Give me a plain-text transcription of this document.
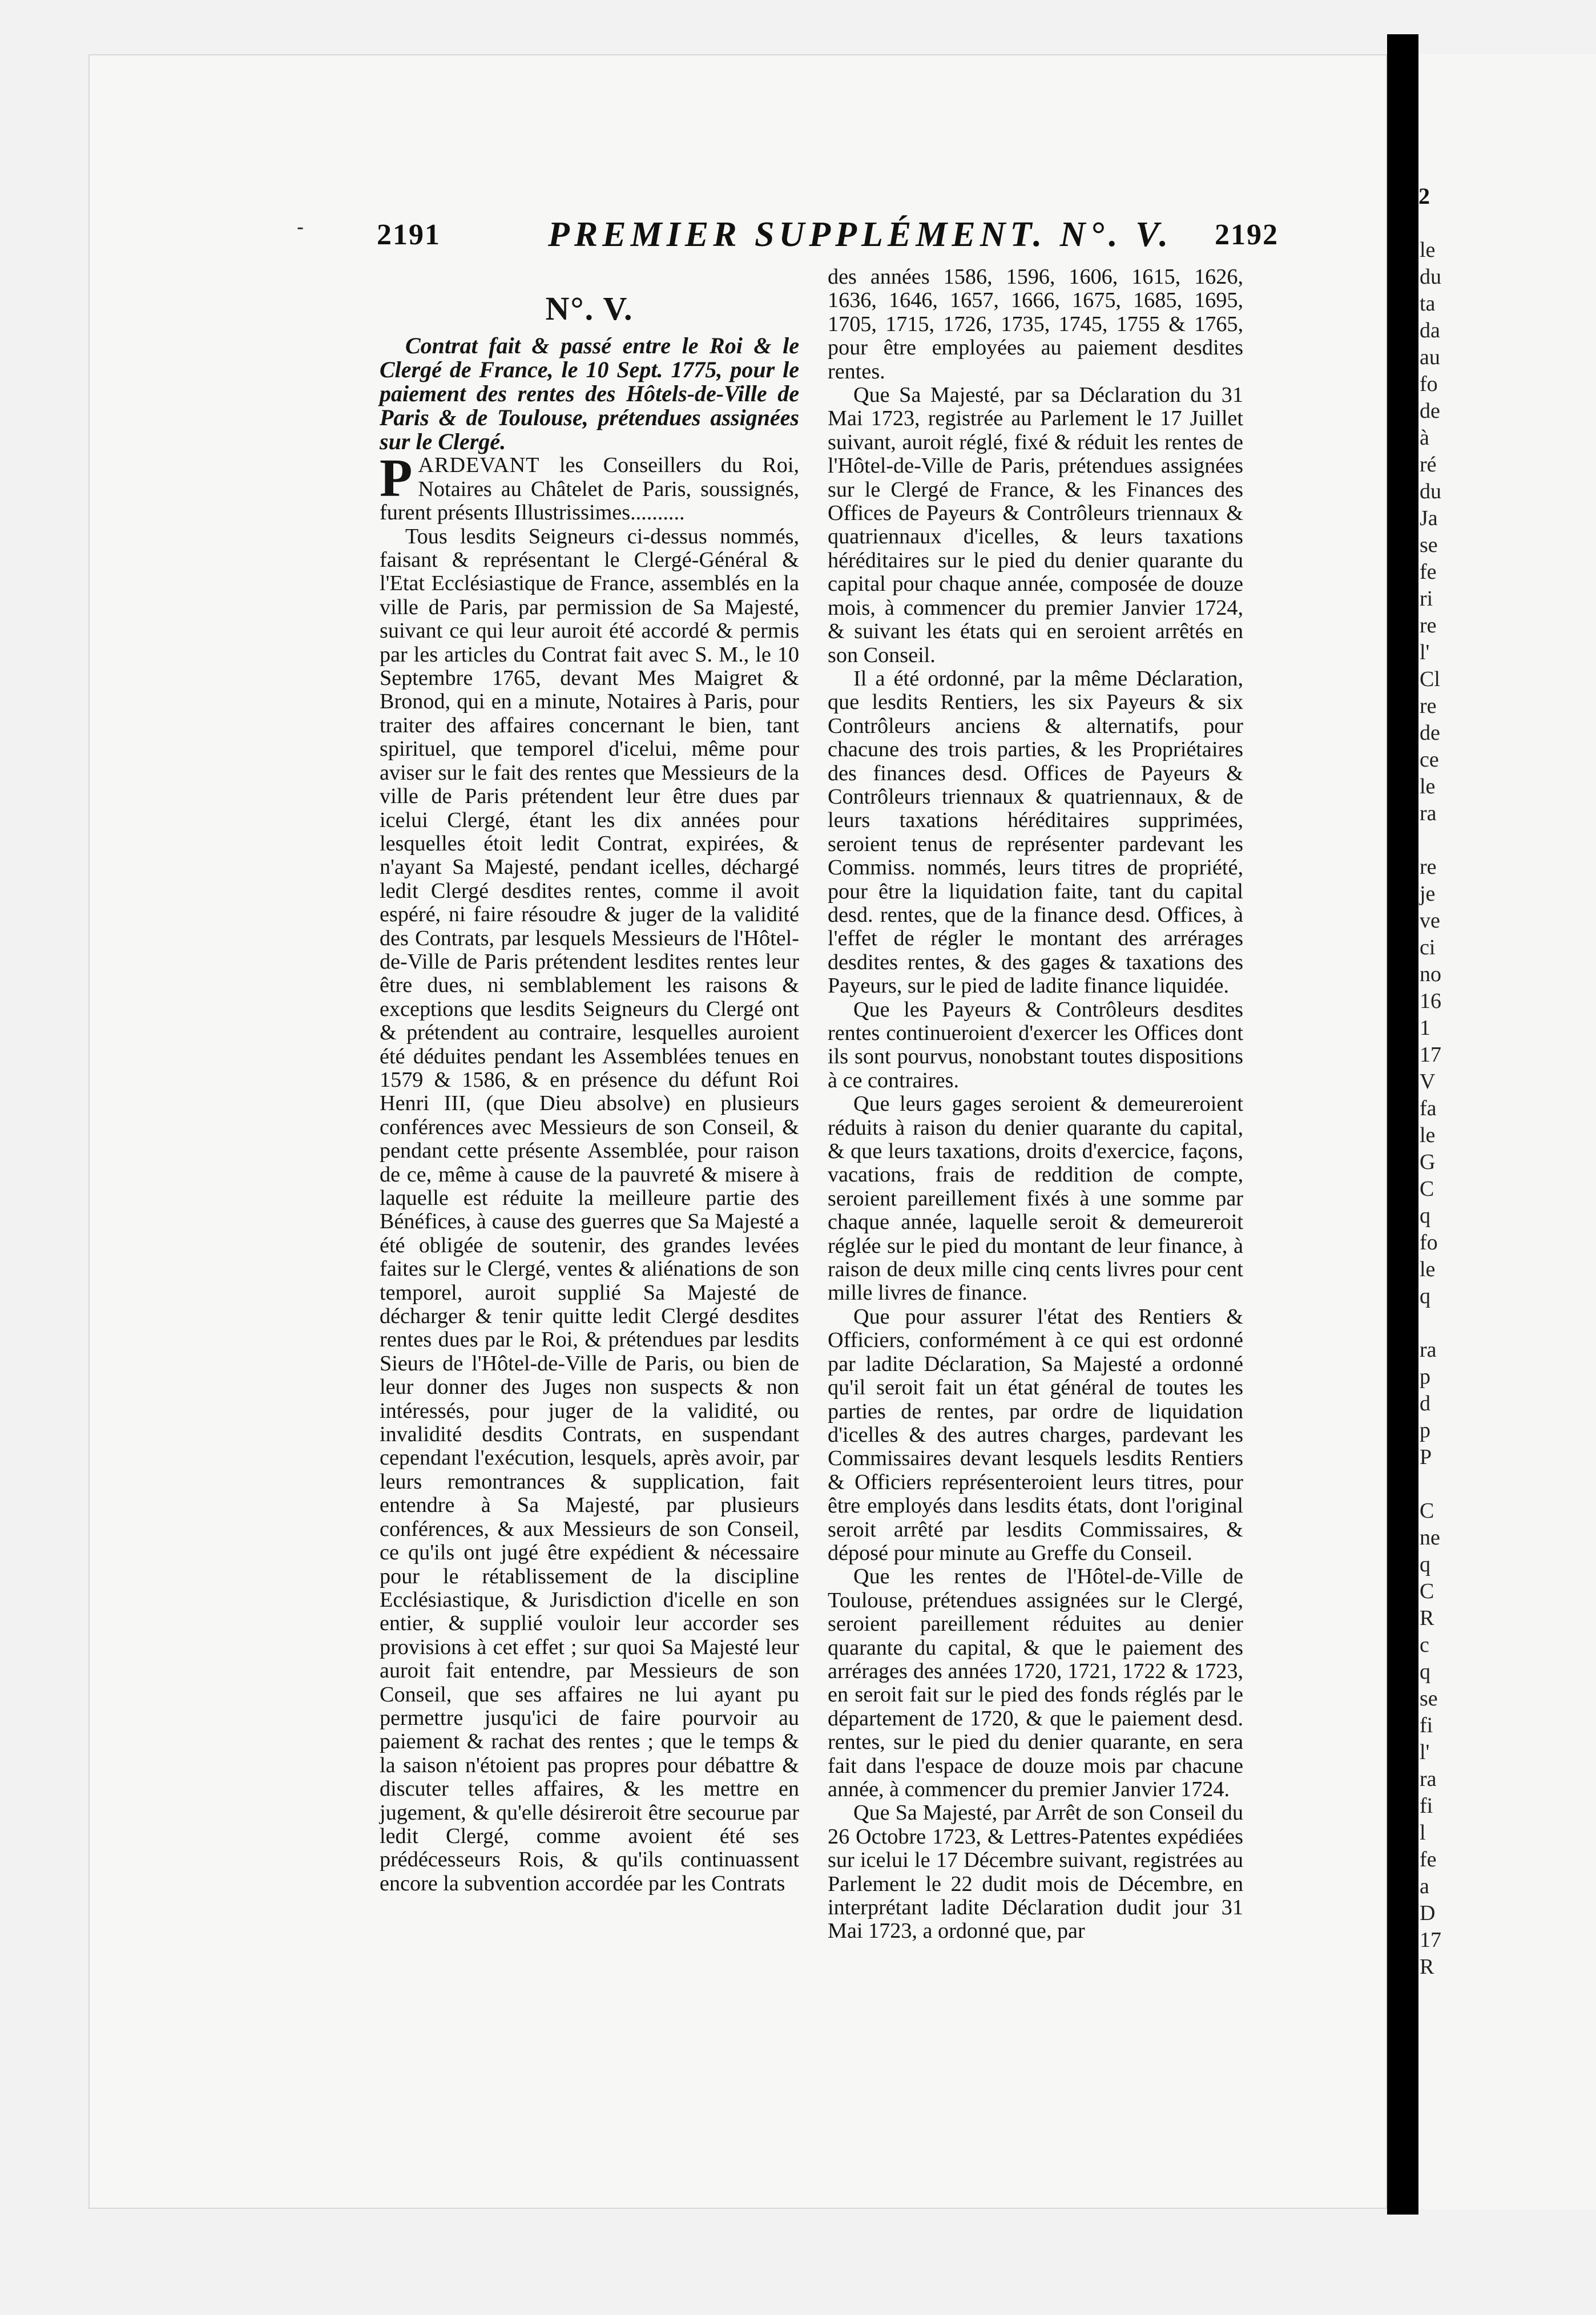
- 2191	PREMIER SUPPLÉMENT. N°. V. 2192
N°. V.

Contrat fait & passé entre le Roi & le Clergé de France, le 10 Sept. 1775, pour le paiement des rentes des Hôtels-de-Ville de Paris & de Toulouse, prétendues assignées sur le Clergé.

PARDEVANT les Conseillers du Roi, Notaires au Châtelet de Paris, soussignés, furent présents Illustrissimes..........

Tous lesdits Seigneurs ci-dessus nommés, faisant & représentant le Clergé-Général & l'Etat Ecclésiastique de France, assemblés en la ville de Paris, par permission de Sa Majesté, suivant ce qui leur auroit été accordé & permis par les articles du Contrat fait avec S. M., le 10 Septembre 1765, devant Mes Maigret & Bronod, qui en a minute, Notaires à Paris, pour traiter des affaires concernant le bien, tant spirituel, que temporel d'icelui, même pour aviser sur le fait des rentes que Messieurs de la ville de Paris prétendent leur être dues par icelui Clergé, étant les dix années pour lesquelles étoit ledit Contrat, expirées, & n'ayant Sa Majesté, pendant icelles, déchargé ledit Clergé desdites rentes, comme il avoit espéré, ni faire résoudre & juger de la validité des Contrats, par lesquels Messieurs de l'Hôtel-de-Ville de Paris prétendent lesdites rentes leur être dues, ni semblablement les raisons & exceptions que lesdits Seigneurs du Clergé ont & prétendent au contraire, lesquelles auroient été déduites pendant les Assemblées tenues en 1579 & 1586, & en présence du défunt Roi Henri III, (que Dieu absolve) en plusieurs conférences avec Messieurs de son Conseil, & pendant cette présente Assemblée, pour raison de ce, même à cause de la pauvreté & misere à laquelle est réduite la meilleure partie des Bénéfices, à cause des guerres que Sa Majesté a été obligée de soutenir, des grandes levées faites sur le Clergé, ventes & aliénations de son temporel, auroit supplié Sa Majesté de décharger & tenir quitte ledit Clergé desdites rentes dues par le Roi, & prétendues par lesdits Sieurs de l'Hôtel-de-Ville de Paris, ou bien de leur donner des Juges non suspects & non intéressés, pour juger de la validité, ou invalidité desdits Contrats, en suspendant cependant l'exécution, lesquels, après avoir, par leurs remontrances & supplication, fait entendre à Sa Majesté, par plusieurs conférences, & aux Messieurs de son Conseil, ce qu'ils ont jugé être expédient & nécessaire pour le rétablissement de la discipline Ecclésiastique, & Jurisdiction d'icelle en son entier, & supplié vouloir leur accorder ses provisions à cet effet ; sur quoi Sa Majesté leur auroit fait entendre, par Messieurs de son Conseil, que ses affaires ne lui ayant pu permettre jusqu'ici de faire pourvoir au paiement & rachat des rentes ; que le temps & la saison n'étoient pas propres pour débattre & discuter telles affaires, & les mettre en jugement, & qu'elle désireroit être secourue par ledit Clergé, comme avoient été ses prédécesseurs Rois, & qu'ils continuassent encore la subvention accordée par les Contrats

des années 1586, 1596, 1606, 1615, 1626, 1636, 1646, 1657, 1666, 1675, 1685, 1695, 1705, 1715, 1726, 1735, 1745, 1755 & 1765, pour être employées au paiement desdites rentes.

Que Sa Majesté, par sa Déclaration du 31 Mai 1723, registrée au Parlement le 17 Juillet suivant, auroit réglé, fixé & réduit les rentes de l'Hôtel-de-Ville de Paris, prétendues assignées sur le Clergé de France, & les Finances des Offices de Payeurs & Contrôleurs triennaux & quatriennaux d'icelles, & leurs taxations héréditaires sur le pied du denier quarante du capital pour chaque année, composée de douze mois, à commencer du premier Janvier 1724, & suivant les états qui en seroient arrêtés en son Conseil.

Il a été ordonné, par la même Déclaration, que lesdits Rentiers, les six Payeurs & six Contrôleurs anciens & alternatifs, pour chacune des trois parties, & les Propriétaires des finances desd. Offices de Payeurs & Contrôleurs triennaux & quatriennaux, & de leurs taxations héréditaires supprimées, seroient tenus de représenter pardevant les Commiss. nommés, leurs titres de propriété, pour être la liquidation faite, tant du capital desd. rentes, que de la finance desd. Offices, à l'effet de régler le montant des arrérages desdites rentes, & des gages & taxations des Payeurs, sur le pied de ladite finance liquidée.

Que les Payeurs & Contrôleurs desdites rentes continueroient d'exercer les Offices dont ils sont pourvus, nonobstant toutes dispositions à ce contraires.

Que leurs gages seroient & demeureroient réduits à raison du denier quarante du capital, & que leurs taxations, droits d'exercice, façons, vacations, frais de reddition de compte, seroient pareillement fixés à une somme par chaque année, laquelle seroit & demeureroit réglée sur le pied du montant de leur finance, à raison de deux mille cinq cents livres pour cent mille livres de finance.

Que pour assurer l'état des Rentiers & Officiers, conformément à ce qui est ordonné par ladite Déclaration, Sa Majesté a ordonné qu'il seroit fait un état général de toutes les parties de rentes, par ordre de liquidation d'icelles & des autres charges, pardevant les Commissaires devant lesquels lesdits Rentiers & Officiers représenteroient leurs titres, pour être employés dans lesdits états, dont l'original seroit arrêté par lesdits Commissaires, & déposé pour minute au Greffe du Conseil.

Que les rentes de l'Hôtel-de-Ville de Toulouse, prétendues assignées sur le Clergé, seroient pareillement réduites au denier quarante du capital, & que le paiement des arrérages des années 1720, 1721, 1722 & 1723, en seroit fait sur le pied des fonds réglés par le département de 1720, & que le paiement desd. rentes, sur le pied du denier quarante, en sera fait dans l'espace de douze mois par chacune année, à commencer du premier Janvier 1724.

Que Sa Majesté, par Arrêt de son Conseil du 26 Octobre 1723, & Lettres-Patentes expédiées sur icelui le 17 Décembre suivant, registrées au Parlement le 22 dudit mois de Décembre, en interprétant ladite Déclaration dudit jour 31 Mai 1723, a ordonné que, par

2
le
du
ta
da
au
fo
de
à
ré
du
Ja
se
fe
ri
re
l'
Cl
re
de
ce
le
ra

re
je
ve
ci
no
16
1
17
V
fa
le
G
C
q
fo
le
q

ra
p
d
p
P

C
ne
q
C
R
c
q
se
fi
l'
ra
fi
l
fe
a
D
17
R
